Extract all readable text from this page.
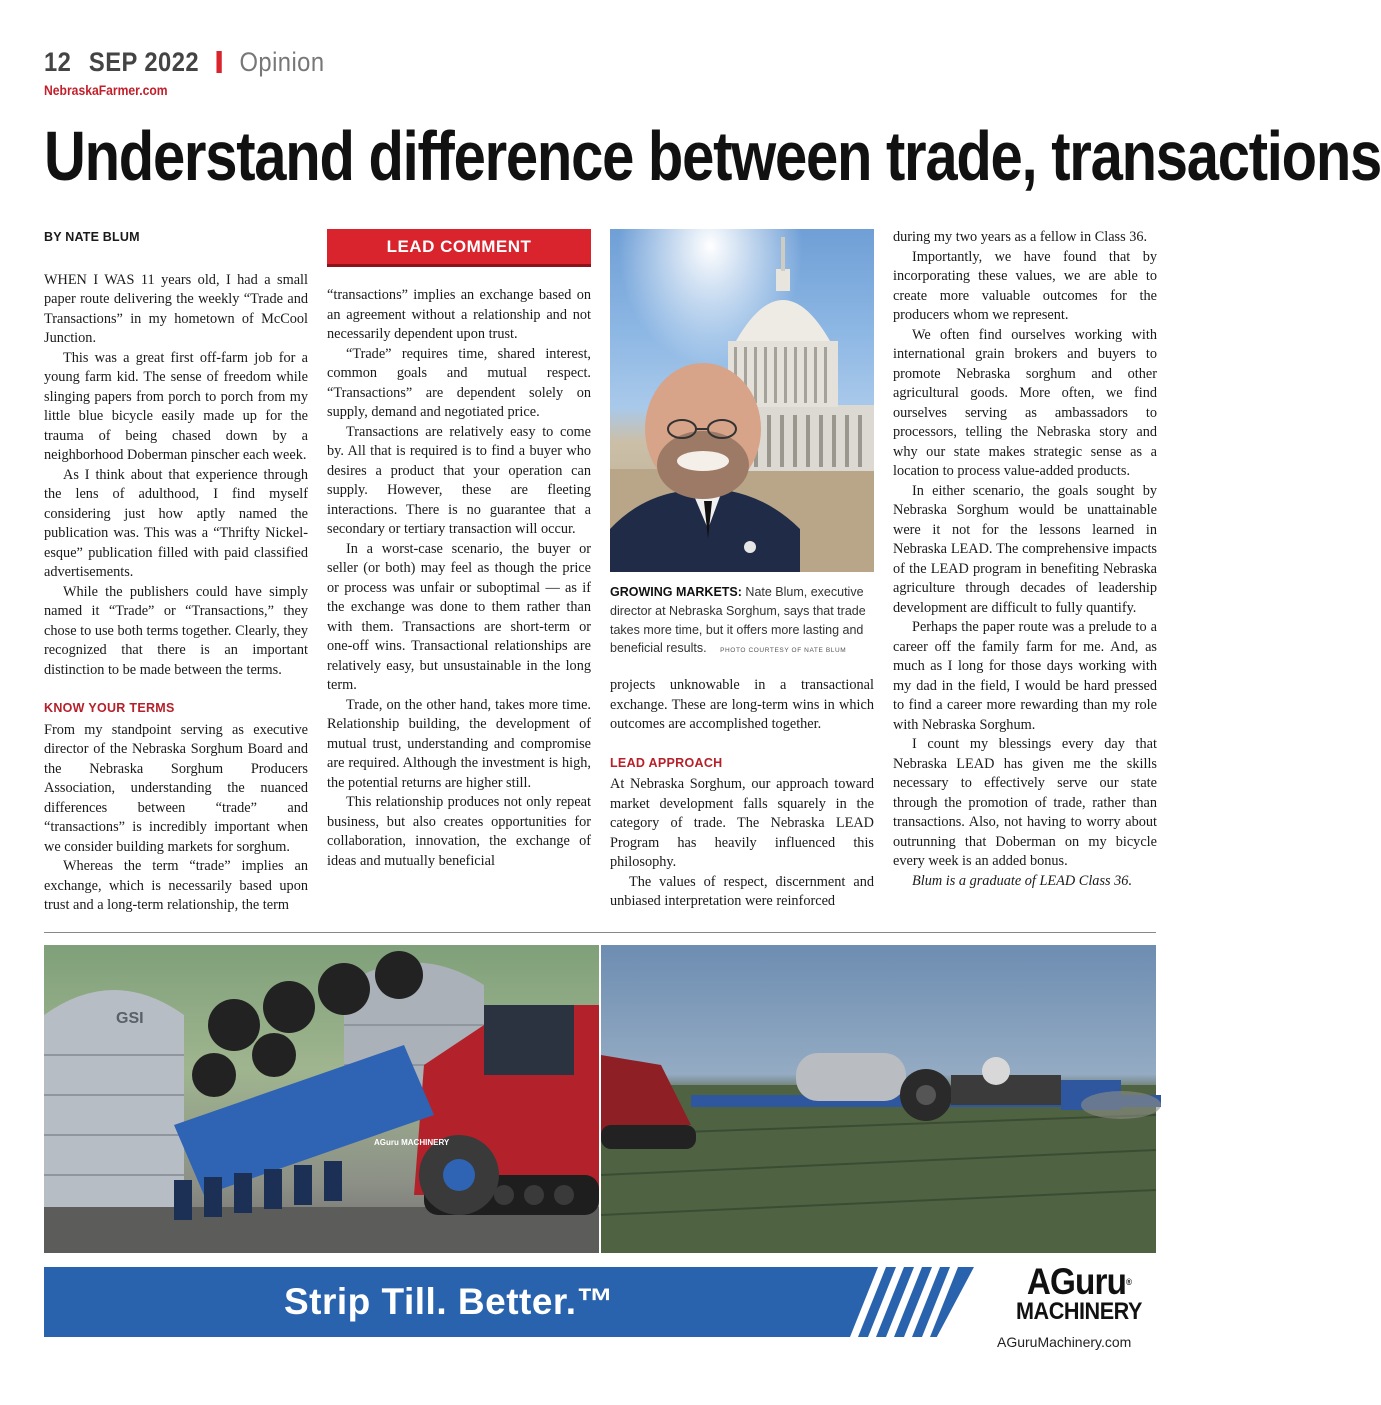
12 SEP 2022 Opinion
NebraskaFarmer.com
Understand difference between trade, transactions
BY NATE BLUM

WHEN I WAS 11 years old, I had a small paper route delivering the weekly “Trade and Transactions” in my hometown of McCool Junction.

This was a great first off-farm job for a young farm kid. The sense of freedom while slinging papers from porch to porch from my little blue bicycle easily made up for the trauma of being chased down by a neighborhood Doberman pinscher each week.

As I think about that experience through the lens of adulthood, I find myself considering just how aptly named the publication was. This was a “Thrifty Nickel-esque” publication filled with paid classified advertisements.

While the publishers could have simply named it “Trade” or “Transactions,” they chose to use both terms together. Clearly, they recognized that there is an important distinction to be made between the terms.

KNOW YOUR TERMS

From my standpoint serving as executive director of the Nebraska Sorghum Board and the Nebraska Sorghum Producers Association, understanding the nuanced differences between “trade” and “transactions” is incredibly important when we consider building markets for sorghum.

Whereas the term “trade” implies an exchange, which is necessarily based upon trust and a long-term relationship, the term

LEAD COMMENT

“transactions” implies an exchange based on an agreement without a relationship and not necessarily dependent upon trust.

“Trade” requires time, shared interest, common goals and mutual respect. “Transactions” are dependent solely on supply, demand and negotiated price.

Transactions are relatively easy to come by. All that is required is to find a buyer who desires a product that your operation can supply. However, these are fleeting interactions. There is no guarantee that a secondary or tertiary transaction will occur.

In a worst-case scenario, the buyer or seller (or both) may feel as though the price or process was unfair or suboptimal — as if the exchange was done to them rather than with them. Transactions are short-term or one-off wins. Transactional relationships are relatively easy, but unsustainable in the long term.

Trade, on the other hand, takes more time. Relationship building, the development of mutual trust, understanding and compromise are required. Although the investment is high, the potential returns are higher still.

This relationship produces not only repeat business, but also creates opportunities for collaboration, innovation, the exchange of ideas and mutually beneficial

GROWING MARKETS: Nate Blum, executive director at Nebraska Sorghum, says that trade takes more time, but it offers more lasting and beneficial results. PHOTO COURTESY OF NATE BLUM

projects unknowable in a transactional exchange. These are long-term wins in which outcomes are accomplished together.

LEAD APPROACH

At Nebraska Sorghum, our approach toward market development falls squarely in the category of trade. The Nebraska LEAD Program has heavily influenced this philosophy.

The values of respect, discernment and unbiased interpretation were reinforced

during my two years as a fellow in Class 36.

Importantly, we have found that by incorporating these values, we are able to create more valuable outcomes for the producers whom we represent.

We often find ourselves working with international grain brokers and buyers to promote Nebraska sorghum and other agricultural goods. More often, we find ourselves serving as ambassadors to processors, telling the Nebraska story and why our state makes strategic sense as a location to process value-added products.

In either scenario, the goals sought by Nebraska Sorghum would be unattainable were it not for the lessons learned in Nebraska LEAD. The comprehensive impacts of the LEAD program in benefiting Nebraska agriculture through decades of leadership development are difficult to fully quantify.

Perhaps the paper route was a prelude to a career off the family farm for me. And, as much as I long for those days working with my dad in the field, I would be hard pressed to find a career more rewarding than my role with Nebraska Sorghum.

I count my blessings every day that Nebraska LEAD has given me the skills necessary to effectively serve our state through the promotion of trade, rather than transactions. Also, not having to worry about outrunning that Doberman on my bicycle every week is an added bonus.

Blum is a graduate of LEAD Class 36.

GSI
AGuru MACHINERY
Strip Till. Better.™	AGuru®
MACHINERY
AGuruMachinery.com
